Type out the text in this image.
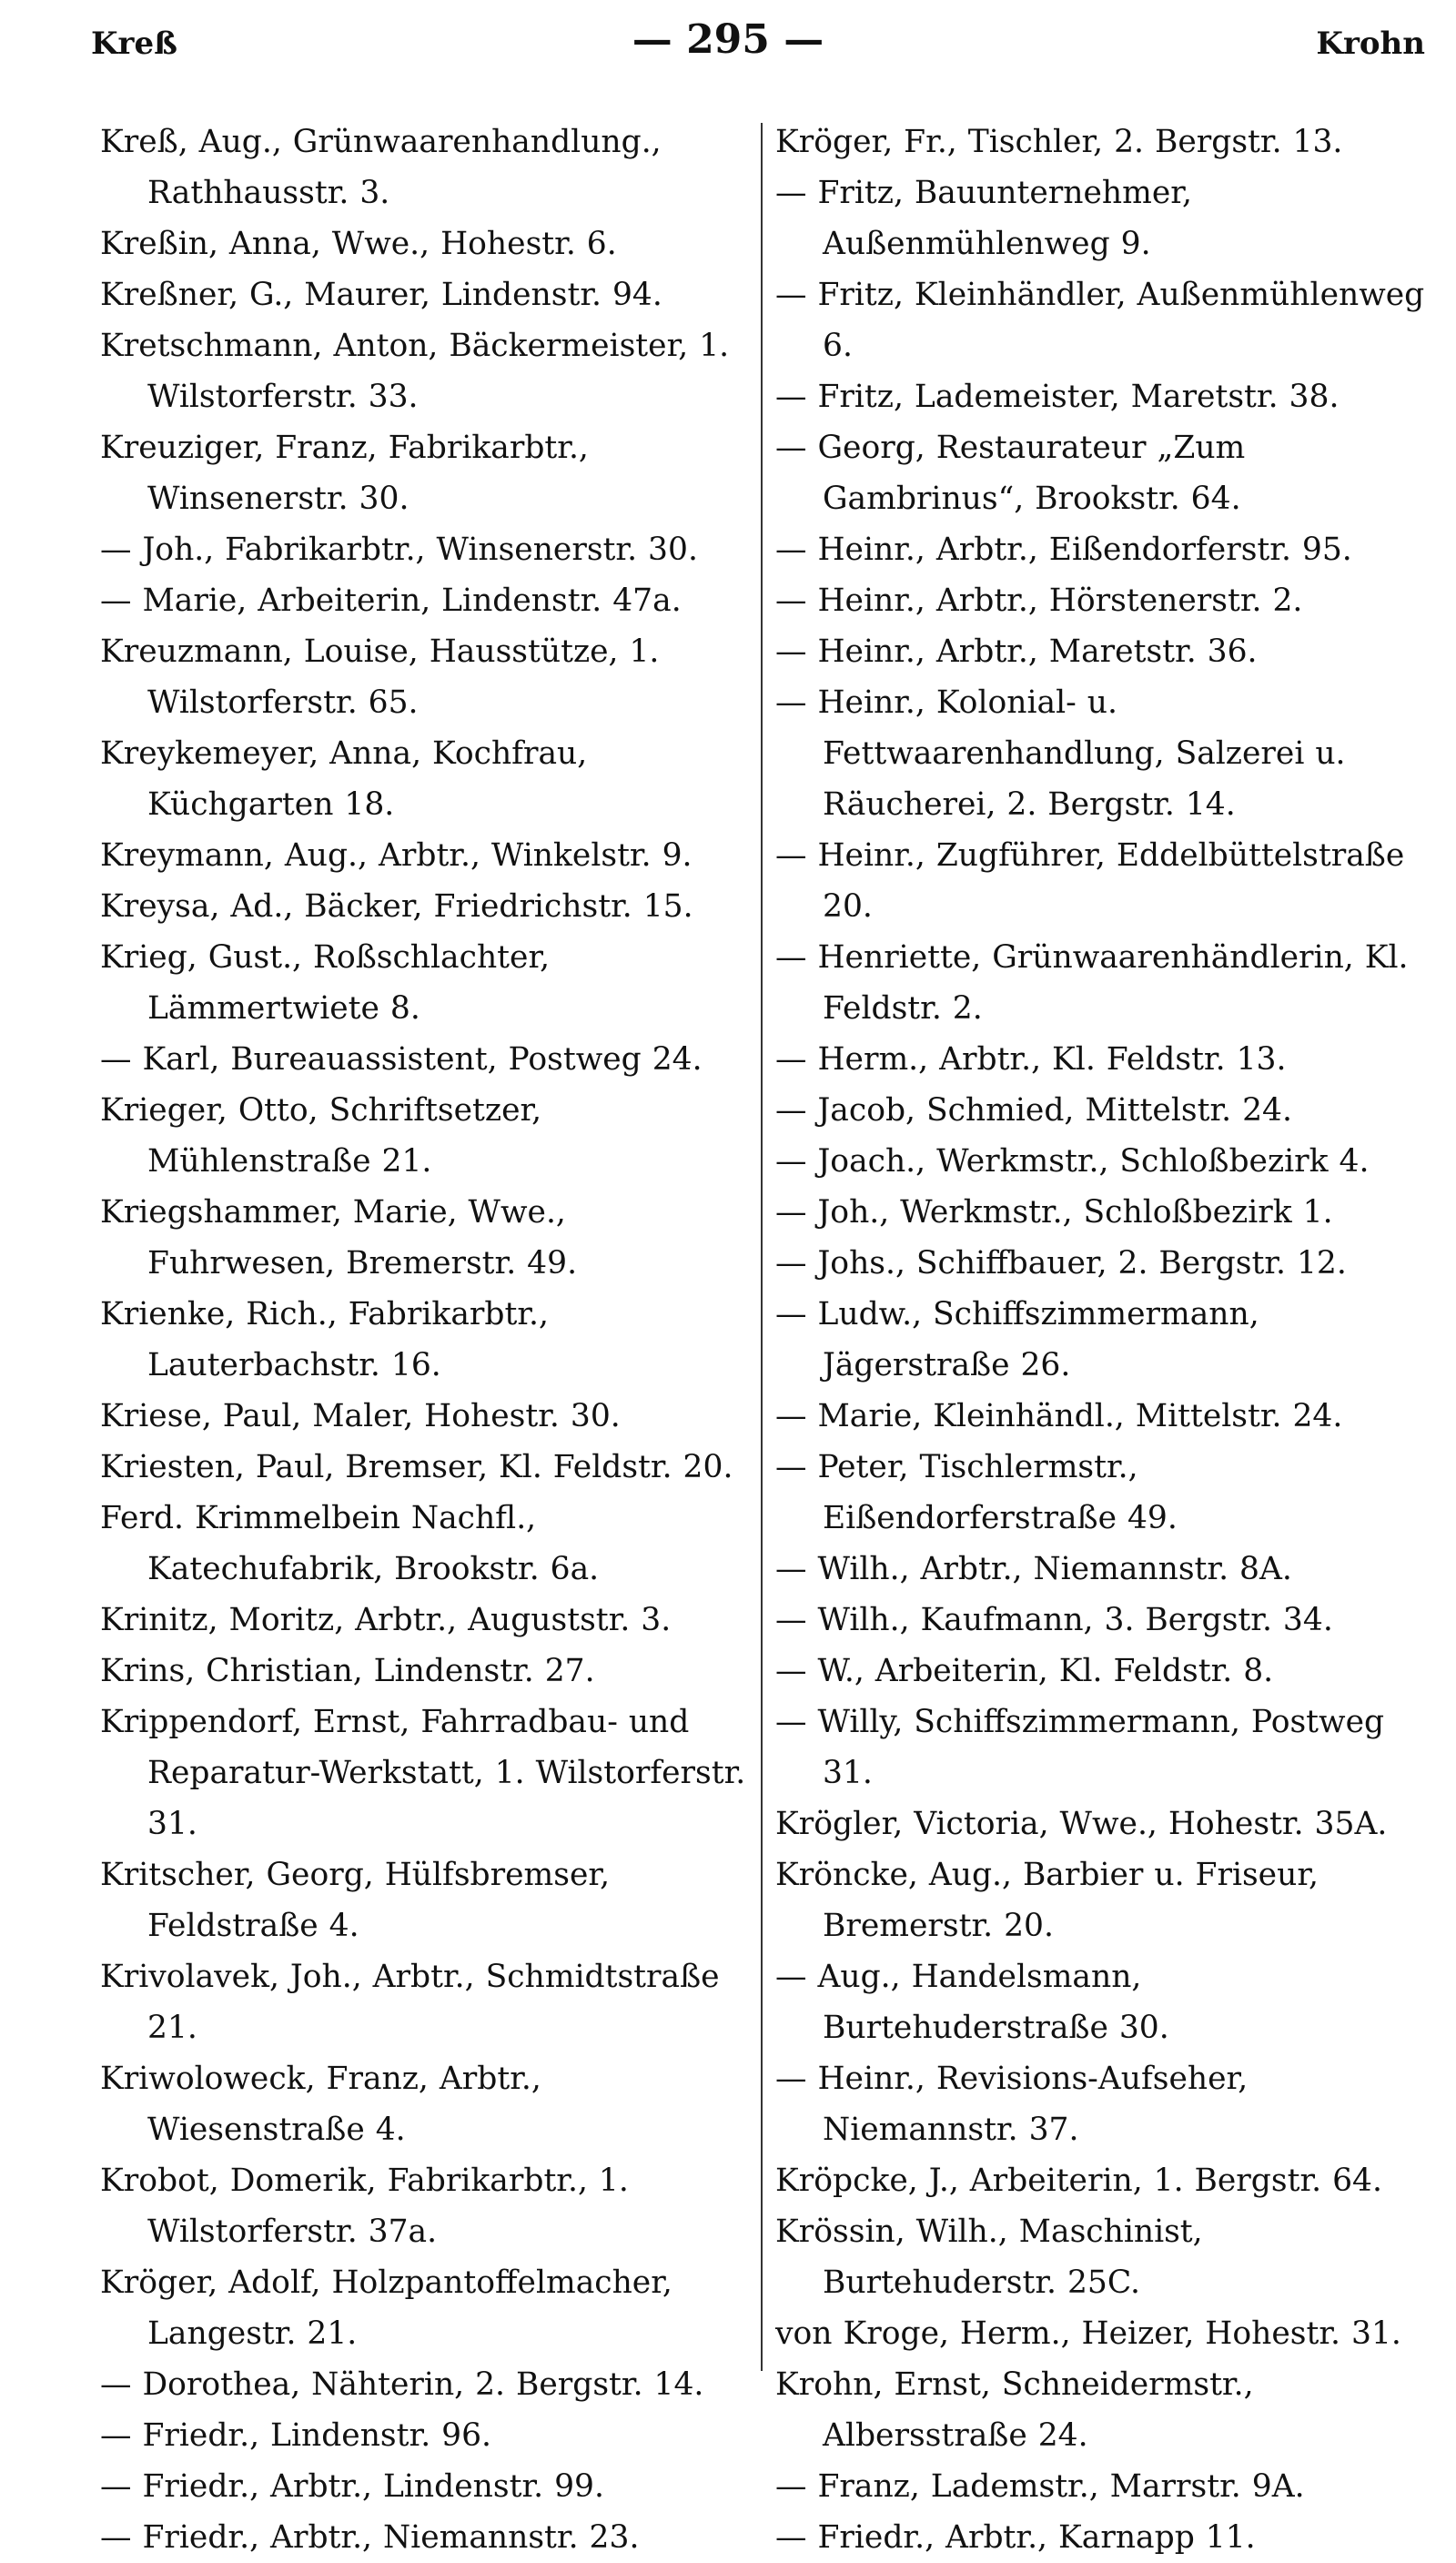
Kreß	— 295 —	Krohn
Kreß, Aug., Grünwaarenhandlung., Rathhausstr. 3.
Kreßin, Anna, Wwe., Hohestr. 6.
Kreßner, G., Maurer, Lindenstr. 94.
Kretschmann, Anton, Bäckermeister, 1. Wilstorferstr. 33.
Kreuziger, Franz, Fabrikarbtr., Winsenerstr. 30.
— Joh., Fabrikarbtr., Winsenerstr. 30.
— Marie, Arbeiterin, Lindenstr. 47a.
Kreuzmann, Louise, Hausstütze, 1. Wilstorferstr. 65.
Kreykemeyer, Anna, Kochfrau, Küchgarten 18.
Kreymann, Aug., Arbtr., Winkelstr. 9.
Kreysa, Ad., Bäcker, Friedrichstr. 15.
Krieg, Gust., Roßschlachter, Lämmertwiete 8.
— Karl, Bureauassistent, Postweg 24.
Krieger, Otto, Schriftsetzer, Mühlenstraße 21.
Kriegshammer, Marie, Wwe., Fuhrwesen, Bremerstr. 49.
Krienke, Rich., Fabrikarbtr., Lauterbachstr. 16.
Kriese, Paul, Maler, Hohestr. 30.
Kriesten, Paul, Bremser, Kl. Feldstr. 20.
Ferd. Krimmelbein Nachfl., Katechufabrik, Brookstr. 6a.
Krinitz, Moritz, Arbtr., Auguststr. 3.
Krins, Christian, Lindenstr. 27.
Krippendorf, Ernst, Fahrradbau- und Reparatur-Werkstatt, 1. Wilstorferstr. 31.
Kritscher, Georg, Hülfsbremser, Feldstraße 4.
Krivolavek, Joh., Arbtr., Schmidtstraße 21.
Kriwoloweck, Franz, Arbtr., Wiesenstraße 4.
Krobot, Domerik, Fabrikarbtr., 1. Wilstorferstr. 37a.
Kröger, Adolf, Holzpantoffelmacher, Langestr. 21.
— Dorothea, Nähterin, 2. Bergstr. 14.
— Friedr., Lindenstr. 96.
— Friedr., Arbtr., Lindenstr. 99.
— Friedr., Arbtr., Niemannstr. 23.
Kröger, Fr., Tischler, 2. Bergstr. 13.
— Fritz, Bauunternehmer, Außenmühlenweg 9.
— Fritz, Kleinhändler, Außenmühlenweg 6.
— Fritz, Lademeister, Maretstr. 38.
— Georg, Restaurateur „Zum Gambrinus“, Brookstr. 64.
— Heinr., Arbtr., Eißendorferstr. 95.
— Heinr., Arbtr., Hörstenerstr. 2.
— Heinr., Arbtr., Maretstr. 36.
— Heinr., Kolonial- u. Fettwaarenhandlung, Salzerei u. Räucherei, 2. Bergstr. 14.
— Heinr., Zugführer, Eddelbüttelstraße 20.
— Henriette, Grünwaarenhändlerin, Kl. Feldstr. 2.
— Herm., Arbtr., Kl. Feldstr. 13.
— Jacob, Schmied, Mittelstr. 24.
— Joach., Werkmstr., Schloßbezirk 4.
— Joh., Werkmstr., Schloßbezirk 1.
— Johs., Schiffbauer, 2. Bergstr. 12.
— Ludw., Schiffszimmermann, Jägerstraße 26.
— Marie, Kleinhändl., Mittelstr. 24.
— Peter, Tischlermstr., Eißendorferstraße 49.
— Wilh., Arbtr., Niemannstr. 8A.
— Wilh., Kaufmann, 3. Bergstr. 34.
— W., Arbeiterin, Kl. Feldstr. 8.
— Willy, Schiffszimmermann, Postweg 31.
Krögler, Victoria, Wwe., Hohestr. 35A.
Kröncke, Aug., Barbier u. Friseur, Bremerstr. 20.
— Aug., Handelsmann, Burtehuderstraße 30.
— Heinr., Revisions-Aufseher, Niemannstr. 37.
Kröpcke, J., Arbeiterin, 1. Bergstr. 64.
Krössin, Wilh., Maschinist, Burtehuderstr. 25C.
von Kroge, Herm., Heizer, Hohestr. 31.
Krohn, Ernst, Schneidermstr., Albersstraße 24.
— Franz, Lademstr., Marrstr. 9A.
— Friedr., Arbtr., Karnapp 11.
